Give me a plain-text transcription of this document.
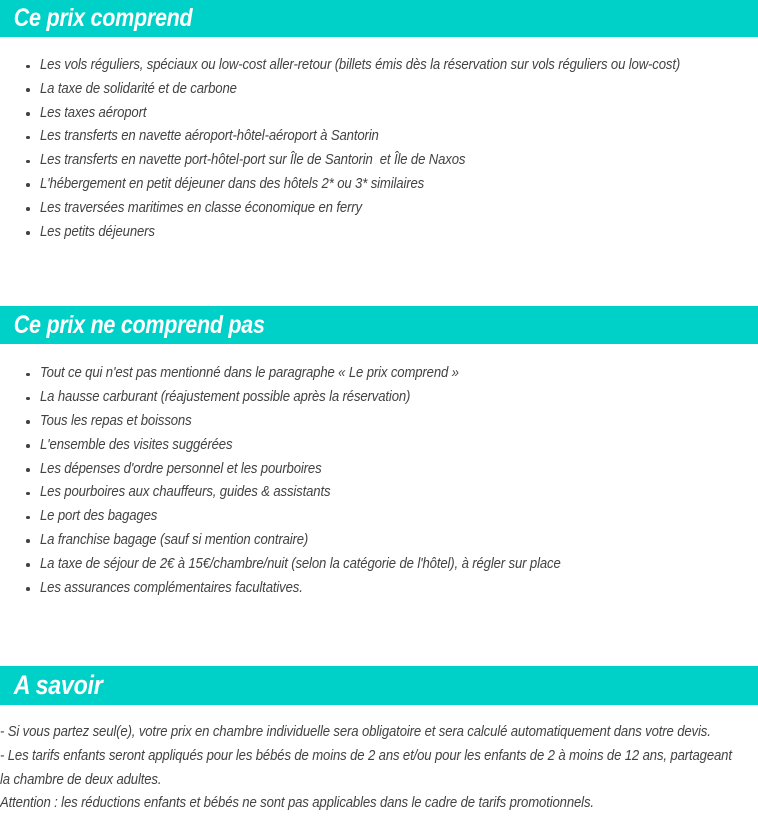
Ce prix comprend
Les vols réguliers, spéciaux ou low-cost aller-retour (billets émis dès la réservation sur vols réguliers ou low-cost)
La taxe de solidarité et de carbone
Les taxes aéroport
Les transferts en navette aéroport-hôtel-aéroport à Santorin
Les transferts en navette port-hôtel-port sur Île de Santorin  et Île de Naxos
L'hébergement en petit déjeuner dans des hôtels 2* ou 3* similaires
Les traversées maritimes en classe économique en ferry
Les petits déjeuners
Ce prix ne comprend pas
Tout ce qui n'est pas mentionné dans le paragraphe « Le prix comprend »
La hausse carburant (réajustement possible après la réservation)
Tous les repas et boissons
L'ensemble des visites suggérées
Les dépenses d'ordre personnel et les pourboires
Les pourboires aux chauffeurs, guides & assistants
Le port des bagages
La franchise bagage (sauf si mention contraire)
La taxe de séjour de 2€ à 15€/chambre/nuit (selon la catégorie de l'hôtel), à régler sur place
Les assurances complémentaires facultatives.
A savoir

- Si vous partez seul(e), votre prix en chambre individuelle sera obligatoire et sera calculé automatiquement dans votre devis.

- Les tarifs enfants seront appliqués pour les bébés de moins de 2 ans et/ou pour les enfants de 2 à moins de 12 ans, partageant la chambre de deux adultes.

Attention : les réductions enfants et bébés ne sont pas applicables dans le cadre de tarifs promotionnels.
